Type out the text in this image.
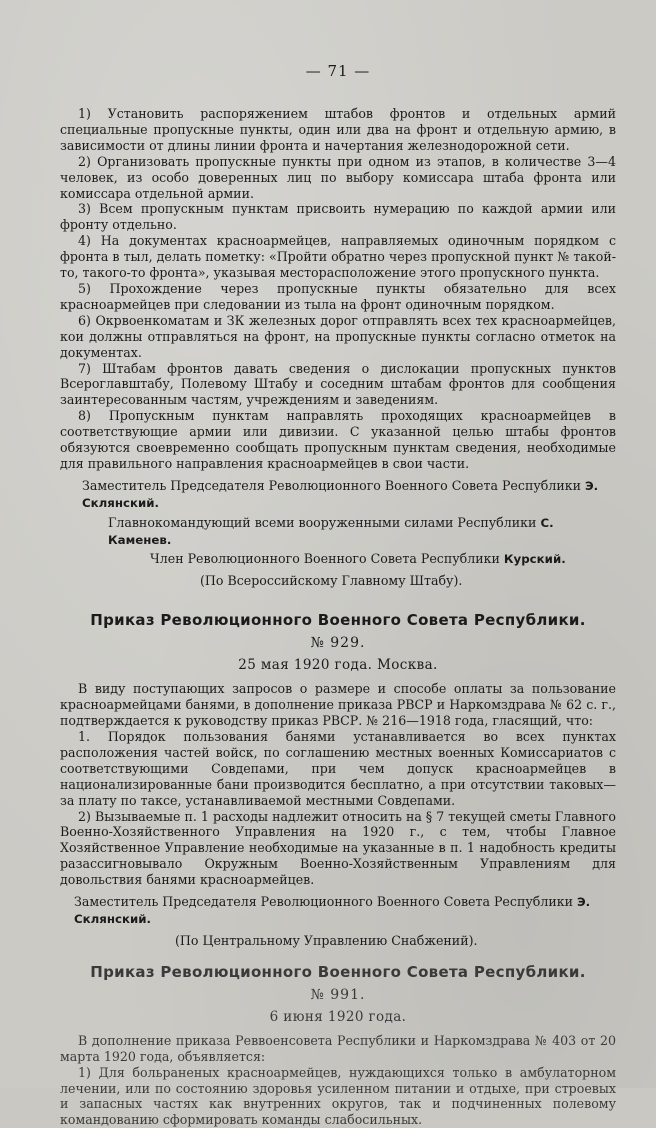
— 71 —

1) Установить распоряжением штабов фронтов и отдельных армий специальные пропускные пункты, один или два на фронт и отдельную армию, в зависимости от длины линии фронта и начертания железнодорожной сети.

2) Организовать пропускные пункты при одном из этапов, в количестве 3—4 человек, из особо доверенных лиц по выбору комиссара штаба фронта или комиссара отдельной армии.

3) Всем пропускным пунктам присвоить нумерацию по каждой армии или фронту отдельно.

4) На документах красноармейцев, направляемых одиночным порядком с фронта в тыл, делать пометку: «Пройти обратно через пропускной пункт № такой-то, такого-то фронта», указывая месторасположение этого пропускного пункта.

5) Прохождение через пропускные пункты обязательно для всех красноармейцев при следовании из тыла на фронт одиночным порядком.

6) Окрвоенкоматам и ЗК железных дорог отправлять всех тех красноармейцев, кои должны отправляться на фронт, на пропускные пункты согласно отметок на документах.

7) Штабам фронтов давать сведения о дислокации пропускных пунктов Всероглавштабу, Полевому Штабу и соседним штабам фронтов для сообщения заинтересованным частям, учреждениям и заведениям.

8) Пропускным пунктам направлять проходящих красноармейцев в соответствующие армии или дивизии. С указанной целью штабы фронтов обязуются своевременно сообщать пропускным пунктам сведения, необходимые для правильного направления красноармейцев в свои части.

Заместитель Председателя Революционного Военного Совета Республики Э. Склянский.
Главнокомандующий всеми вооруженными силами Республики С. Каменев.
Член Революционного Военного Совета Республики Курский.
(По Всероссийскому Главному Штабу).
Приказ Революционного Военного Совета Республики.
№ 929.
25 мая 1920 года. Москва.

В виду поступающих запросов о размере и способе оплаты за пользование красноармейцами банями, в дополнение приказа РВСР и Наркомздрава № 62 с. г., подтверждается к руководству приказ РВСР. № 216—1918 года, гласящий, что:

1. Порядок пользования банями устанавливается во всех пунктах расположения частей войск, по соглашению местных военных Комиссариатов с соответствующими Совдепами, при чем допуск красноармейцев в национализированные бани производится бесплатно, а при отсутствии таковых— за плату по таксе, устанавливаемой местными Совдепами.

2) Вызываемые п. 1 расходы надлежит относить на § 7 текущей сметы Главного Военно-Хозяйственного Управления на 1920 г., с тем, чтобы Главное Хозяйственное Управление необходимые на указанные в п. 1 надобность кредиты разассигновывало Окружным Военно-Хозяйственным Управлениям для довольствия банями красноармейцев.

Заместитель Председателя Революционного Военного Совета Республики Э. Склянский.
(По Центральному Управлению Снабжений).
Приказ Революционного Военного Совета Республики.
№ 991.
6 июня 1920 года.

В дополнение приказа Реввоенсовета Республики и Наркомздрава № 403 от 20 марта 1920 года, объявляется:

1) Для больраненых красноармейцев, нуждающихся только в амбулаторном лечении, или по состоянию здоровья усиленном питании и отдыхе, при строевых и запасных частях как внутренних округов, так и подчиненных полевому командованию сформировать команды слабосильных.
